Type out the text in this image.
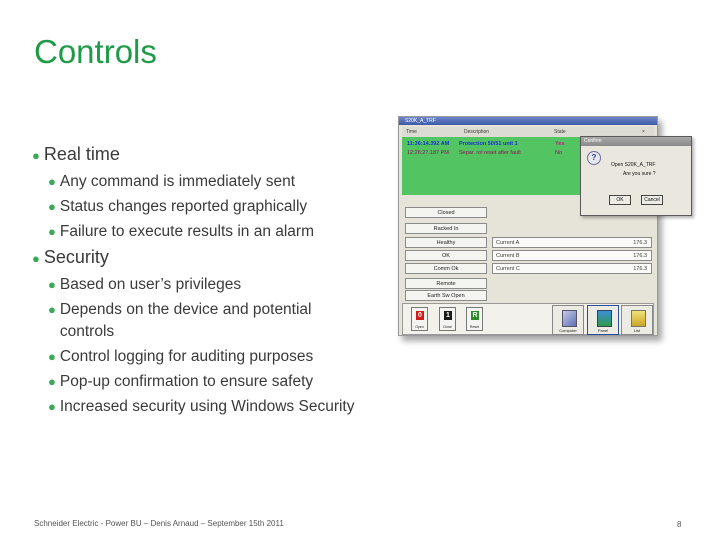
Controls
● Real time
● Any command is immediately sent
● Status changes reported graphically
● Failure to execute results in an alarm
● Security
● Based on user’s privileges
● Depends on the device and potential controls
● Control logging for auditing purposes
● Pop-up confirmation to ensure safety
● Increased security using Windows Security
S20K_A_TRF
Time	Description	State	×
11:36:14.392 AM Protection 50/51 unit 1	Yes
12:26:27.187 PM Separ. rol reset after fault	No
Closed
Racked In
Healthy
OK
Comm Ok
Remote
Earth Sw Open
Current A	176.3
Current B	176.3
Current C	176.3
0
Open
1
Close
R
Reset
Computer	Panel	List
Confirm
?
Open S20K_A_TRF
Are you sure ?
OK	Cancel
Schneider Electric - Power BU – Denis Arnaud – September 15th 2011	8
